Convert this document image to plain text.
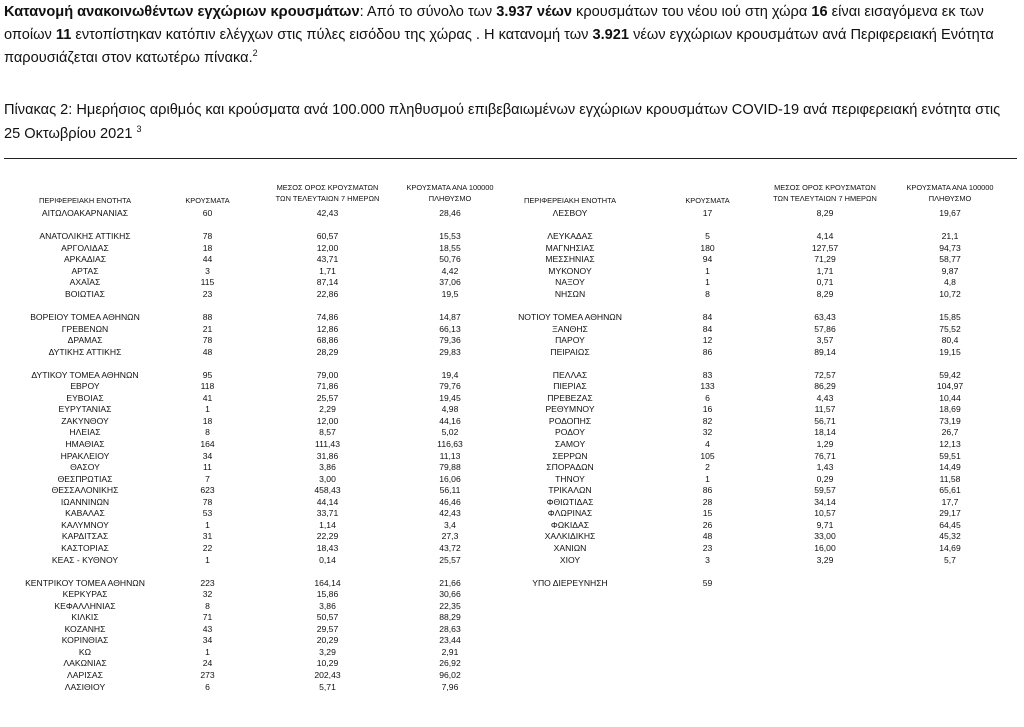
Κατανομή ανακοινωθέντων εγχώριων κρουσμάτων: Από το σύνολο των 3.937 νέων κρουσμάτων του νέου ιού στη χώρα 16 είναι εισαγόμενα εκ των οποίων 11 εντοπίστηκαν κατόπιν ελέγχων στις πύλες εισόδου της χώρας . Η κατανομή των 3.921 νέων εγχώριων κρουσμάτων ανά Περιφερειακή Ενότητα παρουσιάζεται στον κατωτέρω πίνακα.$^2$

Πίνακας 2: Ημερήσιος αριθμός και κρούσματα ανά 100.000 πληθυσμού επιβεβαιωμένων εγχώριων κρουσμάτων COVID-19 ανά περιφερειακή ενότητα στις 25 Οκτωβρίου 2021 $^3$

ΠΕΡΙΦΕΡΕΙΑΚΗ ΕΝΟΤΗΤΑ	ΚΡΟΥΣΜΑΤΑ
ΜΕΣΟΣ ΟΡΟΣ ΚΡΟΥΣΜΑΤΩΝ
ΤΩΝ ΤΕΛΕΥΤΑΙΩΝ 7 ΗΜΕΡΩΝ
ΚΡΟΥΣΜΑΤΑ ΑΝΑ 100000
ΠΛΗΘΥΣΜΟ	ΠΕΡΙΦΕΡΕΙΑΚΗ ΕΝΟΤΗΤΑ	ΚΡΟΥΣΜΑΤΑ
ΜΕΣΟΣ ΟΡΟΣ ΚΡΟΥΣΜΑΤΩΝ
ΤΩΝ ΤΕΛΕΥΤΑΙΩΝ 7 ΗΜΕΡΩΝ
ΚΡΟΥΣΜΑΤΑ ΑΝΑ 100000
ΠΛΗΘΥΣΜΟ
ΑΙΤΩΛΟΑΚΑΡΝΑΝΙΑΣ	60	42,43	28,46
ΑΝΑΤΟΛΙΚΗΣ ΑΤΤΙΚΗΣ	78	60,57	15,53
ΑΡΓΟΛΙΔΑΣ	18	12,00	18,55
ΑΡΚΑΔΙΑΣ	44	43,71	50,76
ΑΡΤΑΣ	3	1,71	4,42
ΑΧΑΪΑΣ	115	87,14	37,06
ΒΟΙΩΤΙΑΣ	23	22,86	19,5
ΒΟΡΕΙΟΥ ΤΟΜΕΑ ΑΘΗΝΩΝ	88	74,86	14,87
ΓΡΕΒΕΝΩΝ	21	12,86	66,13
ΔΡΑΜΑΣ	78	68,86	79,36
ΔΥΤΙΚΗΣ ΑΤΤΙΚΗΣ	48	28,29	29,83
ΔΥΤΙΚΟΥ ΤΟΜΕΑ ΑΘΗΝΩΝ	95	79,00	19,4
ΕΒΡΟΥ	118	71,86	79,76
ΕΥΒΟΙΑΣ	41	25,57	19,45
ΕΥΡΥΤΑΝΙΑΣ	1	2,29	4,98
ΖΑΚΥΝΘΟΥ	18	12,00	44,16
ΗΛΕΙΑΣ	8	8,57	5,02
ΗΜΑΘΙΑΣ	164	111,43	116,63
ΗΡΑΚΛΕΙΟΥ	34	31,86	11,13
ΘΑΣΟΥ	11	3,86	79,88
ΘΕΣΠΡΩΤΙΑΣ	7	3,00	16,06
ΘΕΣΣΑΛΟΝΙΚΗΣ	623	458,43	56,11
ΙΩΑΝΝΙΝΩΝ	78	44,14	46,46
ΚΑΒΑΛΑΣ	53	33,71	42,43
ΚΑΛΥΜΝΟΥ	1	1,14	3,4
ΚΑΡΔΙΤΣΑΣ	31	22,29	27,3
ΚΑΣΤΟΡΙΑΣ	22	18,43	43,72
ΚΕΑΣ - ΚΥΘΝΟΥ	1	0,14	25,57
ΚΕΝΤΡΙΚΟΥ ΤΟΜΕΑ ΑΘΗΝΩΝ	223	164,14	21,66
ΚΕΡΚΥΡΑΣ	32	15,86	30,66
ΚΕΦΑΛΛΗΝΙΑΣ	8	3,86	22,35
ΚΙΛΚΙΣ	71	50,57	88,29
ΚΟΖΑΝΗΣ	43	29,57	28,63
ΚΟΡΙΝΘΙΑΣ	34	20,29	23,44
ΚΩ	1	3,29	2,91
ΛΑΚΩΝΙΑΣ	24	10,29	26,92
ΛΑΡΙΣΑΣ	273	202,43	96,02
ΛΑΣΙΘΙΟΥ	6	5,71	7,96
ΛΕΣΒΟΥ	17	8,29	19,67
ΛΕΥΚΑΔΑΣ	5	4,14	21,1
ΜΑΓΝΗΣΙΑΣ	180	127,57	94,73
ΜΕΣΣΗΝΙΑΣ	94	71,29	58,77
ΜΥΚΟΝΟΥ	1	1,71	9,87
ΝΑΞΟΥ	1	0,71	4,8
ΝΗΣΩΝ	8	8,29	10,72
ΝΟΤΙΟΥ ΤΟΜΕΑ ΑΘΗΝΩΝ	84	63,43	15,85
ΞΑΝΘΗΣ	84	57,86	75,52
ΠΑΡΟΥ	12	3,57	80,4
ΠΕΙΡΑΙΩΣ	86	89,14	19,15
ΠΕΛΛΑΣ	83	72,57	59,42
ΠΙΕΡΙΑΣ	133	86,29	104,97
ΠΡΕΒΕΖΑΣ	6	4,43	10,44
ΡΕΘΥΜΝΟΥ	16	11,57	18,69
ΡΟΔΟΠΗΣ	82	56,71	73,19
ΡΟΔΟΥ	32	18,14	26,7
ΣΑΜΟΥ	4	1,29	12,13
ΣΕΡΡΩΝ	105	76,71	59,51
ΣΠΟΡΑΔΩΝ	2	1,43	14,49
ΤΗΝΟΥ	1	0,29	11,58
ΤΡΙΚΑΛΩΝ	86	59,57	65,61
ΦΘΙΩΤΙΔΑΣ	28	34,14	17,7
ΦΛΩΡΙΝΑΣ	15	10,57	29,17
ΦΩΚΙΔΑΣ	26	9,71	64,45
ΧΑΛΚΙΔΙΚΗΣ	48	33,00	45,32
ΧΑΝΙΩΝ	23	16,00	14,69
ΧΙΟΥ	3	3,29	5,7
ΥΠΟ ΔΙΕΡΕΥΝΗΣΗ	59
